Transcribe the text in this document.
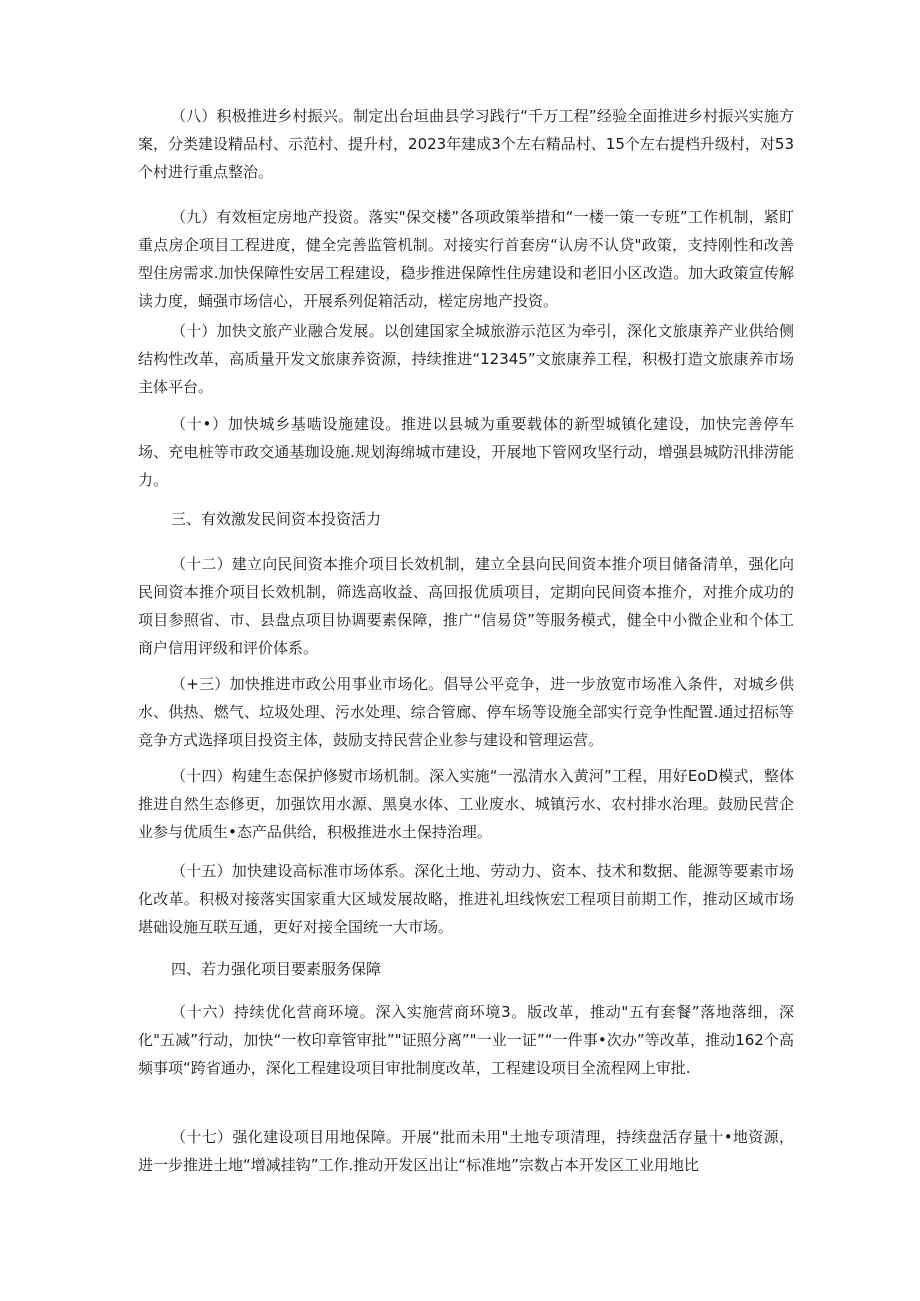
（八）积极推进乡村振兴。制定出台垣曲县学习践行“千万工程”经验全面推进乡村振兴实施方案，分类建设精品村、示范村、提升村，2023年建成3个左右精品村、15个左右提档升级村，对53个村进行重点整治。

（九）有效桓定房地产投资。落实"保交楼”各项政策举措和“一楼一策一专班”工作机制，紧盯重点房企项目工程进度，健全完善监管机制。对接实行首套房“认房不认贷"政策，支持刚性和改善型住房需求.加快保障性安居工程建设，稳步推进保障性住房建设和老旧小区改造。加大政策宣传解读力度，蛹强市场信心，开展系列促箱活动，槎定房地产投资。

（十）加快文旅产业融合发展。以创建国家全城旅游示范区为牵引，深化文旅康养产业供给侧结构性改革，高质量开发文旅康养资源，持续推进“12345”文旅康养工程，积极打造文旅康养市场主体平台。

（十•）加快城乡基啮设施建设。推进以县城为重要载体的新型城镇化建设，加快完善停车场、充电桩等市政交通基珈设施.规划海绵城市建设，开展地下管网攻坚行动，增强县城防汛排涝能力。

三、有效激发民间资本投资活力

（十二）建立向民间资本推介项目长效机制，建立全县向民间资本推介项目储备清单，强化向民间资本推介项目长效机制，筛选高收益、高回报优质项目，定期向民间资本推介，对推介成功的项目参照省、市、县盘点项目协调要素保障，推广“信易贷”等服务模式，健全中小微企业和个体工商户信用评级和评价体系。

（+三）加快推进市政公用事业市场化。倡导公平竞争，进一步放宽市场准入条件，对城乡供水、供热、燃气、垃圾处理、污水处理、综合管廊、停车场等设施全部实行竞争性配置.通过招标等竞争方式选择项目投资主体，鼓励支持民营企业参与建设和管理运营。

（十四）构建生态保护修熨市场机制。深入实施“一泓清水入黄河”工程，用好EoD模式，整体推进自然生态修更，加强饮用水源、黑臭水体、工业废水、城镇污水、农村排水治理。鼓励民营企业参与优质生•态产品供给，积极推进水土保持治理。

（十五）加快建设高标准市场体系。深化土地、劳动力、资本、技术和数据、能源等要素市场化改革。积极对接落实国家重大区域发展故略，推进礼坦线恢宏工程项目前期工作，推动区域市场堪础设施互联互通，更好对接全国统一大市场。

四、若力强化项目要素服务保障

（十六）持续优化营商环境。深入实施营商环境3。版改革，推动"五有套餐”落地落细，深化"五减”行动，加快“一枚印章管审批”"证照分离”"一业一证”“一件事•次办”等改革，推动162个高频事项“跨省通办，深化工程建设项目审批制度改革，工程建设项目全流程网上审批.

（十七）强化建设项目用地保障。开展“批而未用"土地专项清理，持续盘活存量十•地资源，进一步推进土地“增减挂钩”工作.推动开发区出让“标准地”宗数占本开发区工业用地比
